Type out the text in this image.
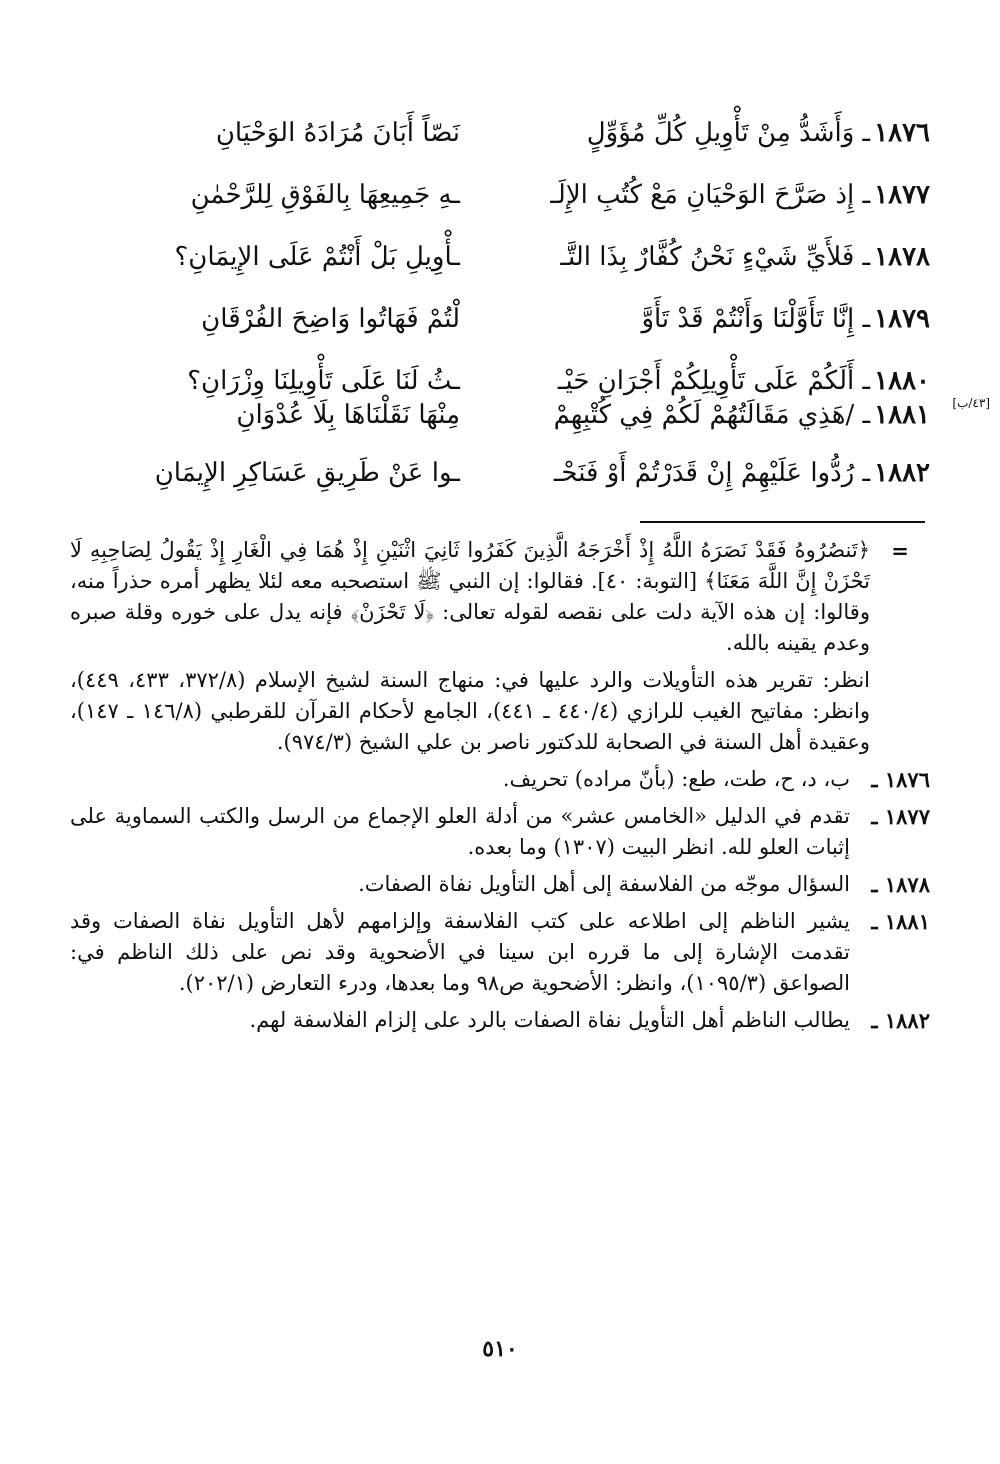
١٨٧٦ـ وَأَشَدُّ مِنْ تَأْوِيلِ كُلِّ مُؤَوِّلٍ
نَصّاً أَبَانَ مُرَادَهُ الوَحْيَانِ
١٨٧٧ـ إِذ صَرَّحَ الوَحْيَانِ مَعْ كُتُبِ الإِلَـ
ـهِ جَمِيعِهَا بِالفَوْقِ لِلرَّحْمٰنِ
١٨٧٨ـ فَلأَيِّ شَيْءٍ نَحْنُ كُفَّارٌ بِذَا التَّـ
ـأْوِيلِ بَلْ أَنْتُمْ عَلَى الإِيمَانِ؟
١٨٧٩ـ إِنَّا تَأَوَّلْنَا وَأَنْتُمْ قَدْ تَأَوَّ
لْتُمْ فَهَاتُوا وَاضِحَ الفُرْقَانِ
١٨٨٠ـ أَلَكُمْ عَلَى تَأْوِيلِكُمْ أَجْرَانِ حَيْـ
ـثُ لَنَا عَلَى تَأْوِيلِنَا وِزْرَانِ؟
[٤٣/ب]
١٨٨١ـ /هَذِي مَقَالَتُهُمْ لَكُمْ فِي كُتْبِهِمْ
مِنْهَا نَقَلْنَاهَا بِلَا عُدْوَانِ
١٨٨٢ـ رُدُّوا عَلَيْهِمْ إِنْ قَدَرْتُمْ أَوْ فَنَحْـ
ـوا عَنْ طَرِيقِ عَسَاكِرِ الإِيمَانِ

=
﴿تَنصُرُوهُ فَقَدْ نَصَرَهُ اللَّهُ إِذْ أَخْرَجَهُ الَّذِينَ كَفَرُوا ثَانِيَ اثْنَيْنِ إِذْ هُمَا فِي الْغَارِ إِذْ يَقُولُ لِصَاحِبِهِ لَا تَحْزَنْ إِنَّ اللَّهَ مَعَنَا﴾ [التوبة: ٤٠]. فقالوا: إن النبي ﷺ استصحبه معه لئلا يظهر أمره حذراً منه، وقالوا: إن هذه الآية دلت على نقصه لقوله تعالى: ﴿لَا تَحْزَنْ﴾ فإنه يدل على خوره وقلة صبره وعدم يقينه بالله.

انظر: تقرير هذه التأويلات والرد عليها في: منهاج السنة لشيخ الإسلام (٣٧٢/٨، ٤٣٣، ٤٤٩)، وانظر: مفاتيح الغيب للرازي (٤٤٠/٤ ـ ٤٤١)، الجامع لأحكام القرآن للقرطبي (١٤٦/٨ ـ ١٤٧)، وعقيدة أهل السنة في الصحابة للدكتور ناصر بن علي الشيخ (٩٧٤/٣).

١٨٧٦ ـ
ب، د، ح، طت، طع: (بأنّ مراده) تحريف.

١٨٧٧ ـ
تقدم في الدليل «الخامس عشر» من أدلة العلو الإجماع من الرسل والكتب السماوية على إثبات العلو لله. انظر البيت (١٣٠٧) وما بعده.

١٨٧٨ ـ
السؤال موجّه من الفلاسفة إلى أهل التأويل نفاة الصفات.

١٨٨١ ـ
يشير الناظم إلى اطلاعه على كتب الفلاسفة وإلزامهم لأهل التأويل نفاة الصفات وقد تقدمت الإشارة إلى ما قرره ابن سينا في الأضحوية وقد نص على ذلك الناظم في: الصواعق (١٠٩٥/٣)، وانظر: الأضحوية ص٩٨ وما بعدها، ودرء التعارض (٢٠٢/١).

١٨٨٢ ـ
يطالب الناظم أهل التأويل نفاة الصفات بالرد على إلزام الفلاسفة لهم.

٥١٠
